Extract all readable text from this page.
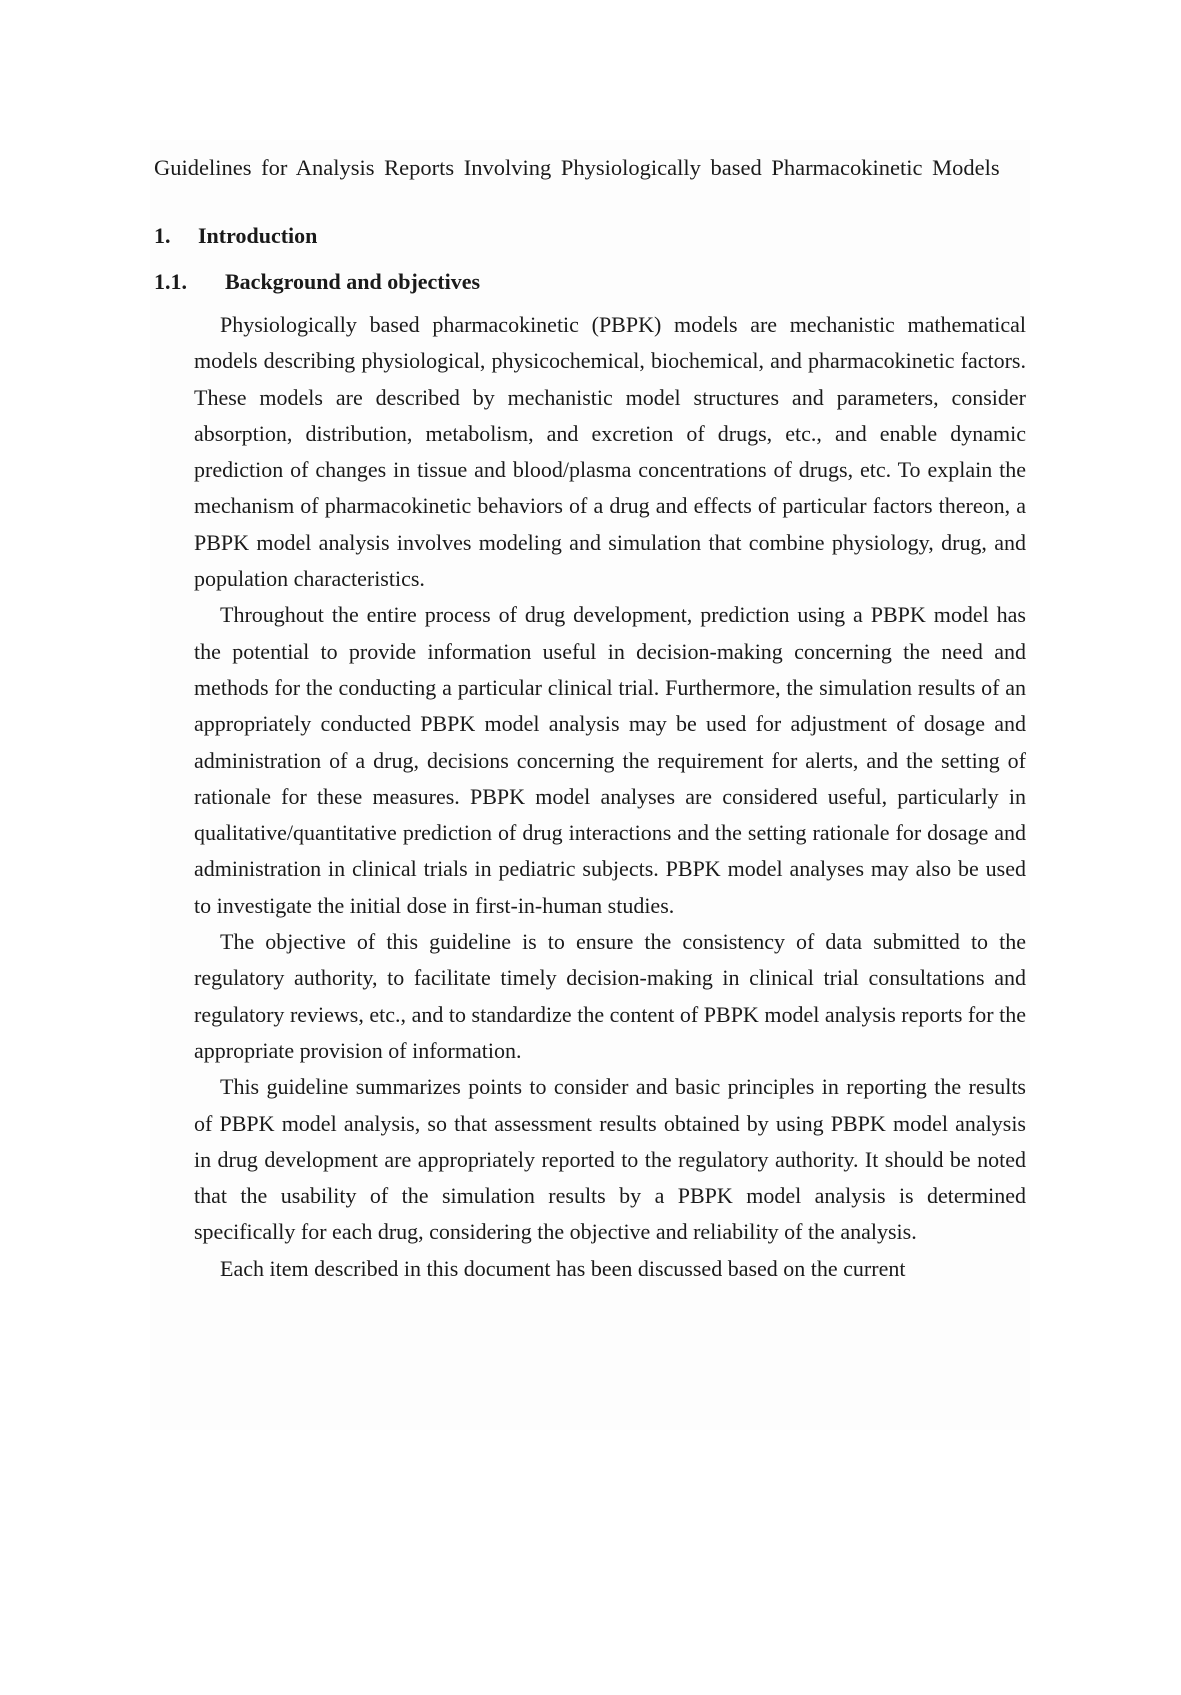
Guidelines for Analysis Reports Involving Physiologically based Pharmacokinetic Models

1. Introduction
1.1. Background and objectives

Physiologically based pharmacokinetic (PBPK) models are mechanistic mathematical models describing physiological, physicochemical, biochemical, and pharmacokinetic factors. These models are described by mechanistic model structures and parameters, consider absorption, distribution, metabolism, and excretion of drugs, etc., and enable dynamic prediction of changes in tissue and blood/plasma concentrations of drugs, etc. To explain the mechanism of pharmacokinetic behaviors of a drug and effects of particular factors thereon, a PBPK model analysis involves modeling and simulation that combine physiology, drug, and population characteristics.

Throughout the entire process of drug development, prediction using a PBPK model has the potential to provide information useful in decision-making concerning the need and methods for the conducting a particular clinical trial. Furthermore, the simulation results of an appropriately conducted PBPK model analysis may be used for adjustment of dosage and administration of a drug, decisions concerning the requirement for alerts, and the setting of rationale for these measures. PBPK model analyses are considered useful, particularly in qualitative/quantitative prediction of drug interactions and the setting rationale for dosage and administration in clinical trials in pediatric subjects. PBPK model analyses may also be used to investigate the initial dose in first-in-human studies.

The objective of this guideline is to ensure the consistency of data submitted to the regulatory authority, to facilitate timely decision-making in clinical trial consultations and regulatory reviews, etc., and to standardize the content of PBPK model analysis reports for the appropriate provision of information.

This guideline summarizes points to consider and basic principles in reporting the results of PBPK model analysis, so that assessment results obtained by using PBPK model analysis in drug development are appropriately reported to the regulatory authority. It should be noted that the usability of the simulation results by a PBPK model analysis is determined specifically for each drug, considering the objective and reliability of the analysis.

Each item described in this document has been discussed based on the current
